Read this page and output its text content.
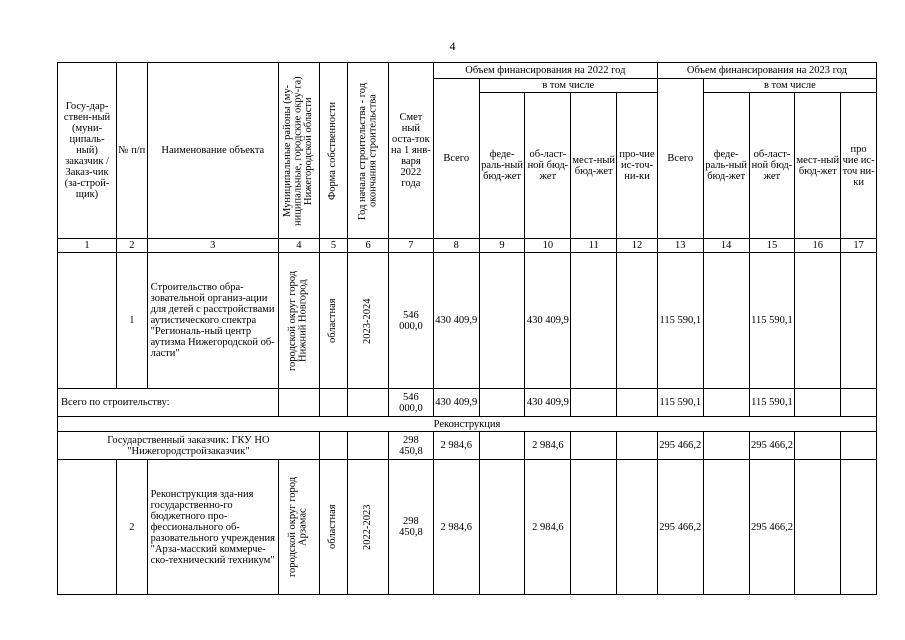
4
Госу-дар-ствен-ный (муни-ципаль-ный) заказчик / Заказ-чик (за-строй-щик)	№ п/п	Наименование объекта	Муниципальные районы (му-ниципальные, городские окру-га) Нижегородской области	Форма собственности	Год начала строительства - год окончания строительства	Смет ный остa-ток на 1 янв-варя 2022 года	Объем финансирования на 2022 год					Объем финансирования на 2023 год				
							Всего	в том числе				Всего	в том числе			
								феде-раль-ный бюд-жет	об-ласт-ной бюд-жет	мест-ный бюд-жет	про-чие ис-точ-ни-ки		феде-раль-ный бюд-жет	об-ласт-ной бюд-жет	мест-ный бюд-жет	про чие ис-точ ни-ки
1	2	3	4	5	6	7	8	9	10	11	12	13	14	15	16	17
	1	Строительство обра-зовательной организ-ации для детей с расстройствами аутистического спектра "Региональ-ный центр аутизма Нижегородской об-ласти"	городской округ город Нижний Новгород	областная	2023-2024	546 000,0	430 409,9		430 409,9			115 590,1		115 590,1		
Всего по строительству:						546 000,0	430 409,9		430 409,9			115 590,1		115 590,1		
Реконструкция																
Государственный заказчик: ГКУ НО "Нижегородстройзаказчик"						298 450,8	2 984,6		2 984,6			295 466,2		295 466,2		
	2	Реконструкция зда-ния государственно-го бюджетного про-фессионального об-разовательного учреждения "Арза-масский коммерче-ско-технический техникум"	городской округ город Арзамас	областная	2022-2023	298 450,8	2 984,6		2 984,6			295 466,2		295 466,2		
